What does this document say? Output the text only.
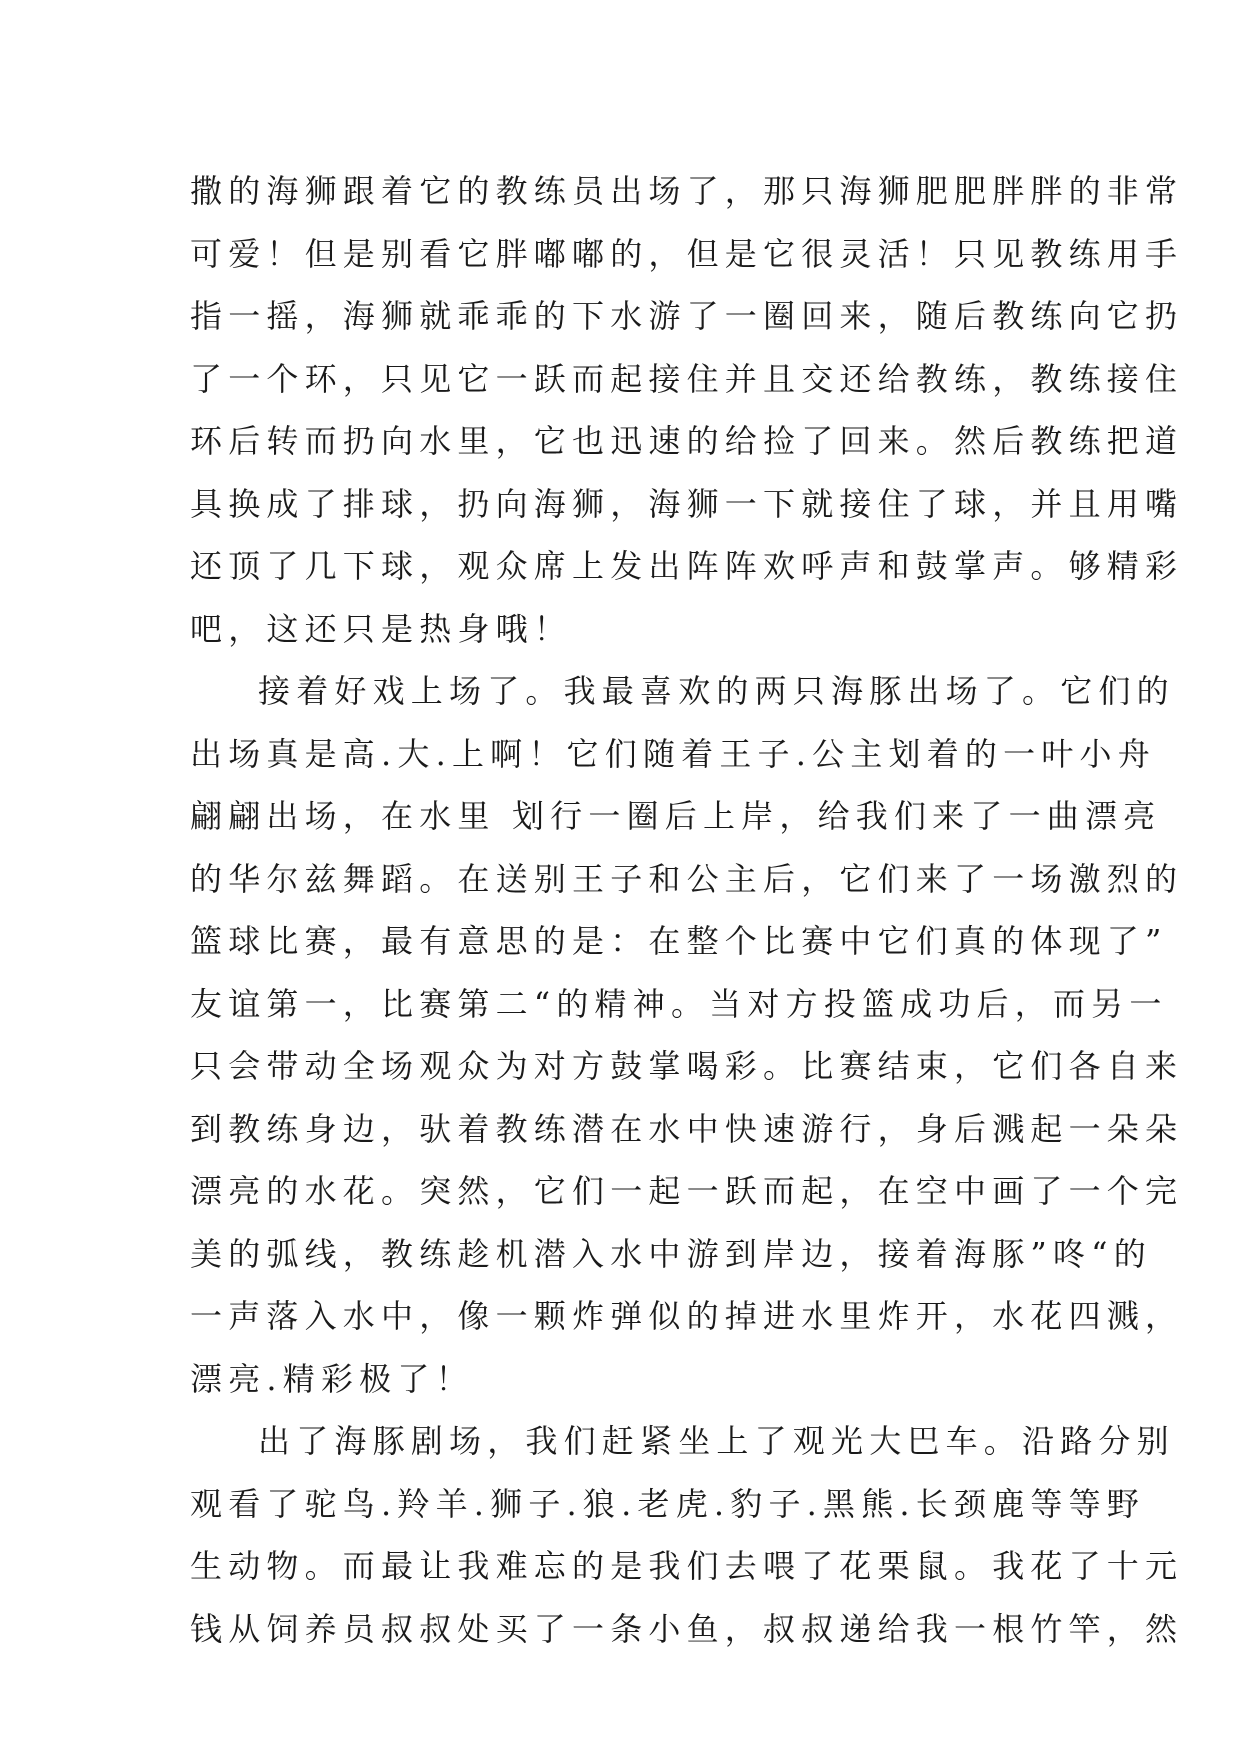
撒的海狮跟着它的教练员出场了，那只海狮肥肥胖胖的非常
可爱！但是别看它胖嘟嘟的，但是它很灵活！只见教练用手
指一摇，海狮就乖乖的下水游了一圈回来，随后教练向它扔
了一个环，只见它一跃而起接住并且交还给教练，教练接住
环后转而扔向水里，它也迅速的给捡了回来。然后教练把道
具换成了排球，扔向海狮，海狮一下就接住了球，并且用嘴
还顶了几下球，观众席上发出阵阵欢呼声和鼓掌声。够精彩
吧，这还只是热身哦！
接着好戏上场了。我最喜欢的两只海豚出场了。它们的
出场真是高.大.上啊！它们随着王子.公主划着的一叶小舟
翩翩出场，在水里 划行一圈后上岸，给我们来了一曲漂亮
的华尔兹舞蹈。在送别王子和公主后，它们来了一场激烈的
篮球比赛，最有意思的是：在整个比赛中它们真的体现了”
友谊第一，比赛第二“的精神。当对方投篮成功后，而另一
只会带动全场观众为对方鼓掌喝彩。比赛结束，它们各自来
到教练身边，驮着教练潜在水中快速游行，身后溅起一朵朵
漂亮的水花。突然，它们一起一跃而起，在空中画了一个完
美的弧线，教练趁机潜入水中游到岸边，接着海豚”咚“的
一声落入水中，像一颗炸弹似的掉进水里炸开，水花四溅，
漂亮.精彩极了！
出了海豚剧场，我们赶紧坐上了观光大巴车。沿路分别
观看了驼鸟.羚羊.狮子.狼.老虎.豹子.黑熊.长颈鹿等等野
生动物。而最让我难忘的是我们去喂了花栗鼠。我花了十元
钱从饲养员叔叔处买了一条小鱼，叔叔递给我一根竹竿，然
